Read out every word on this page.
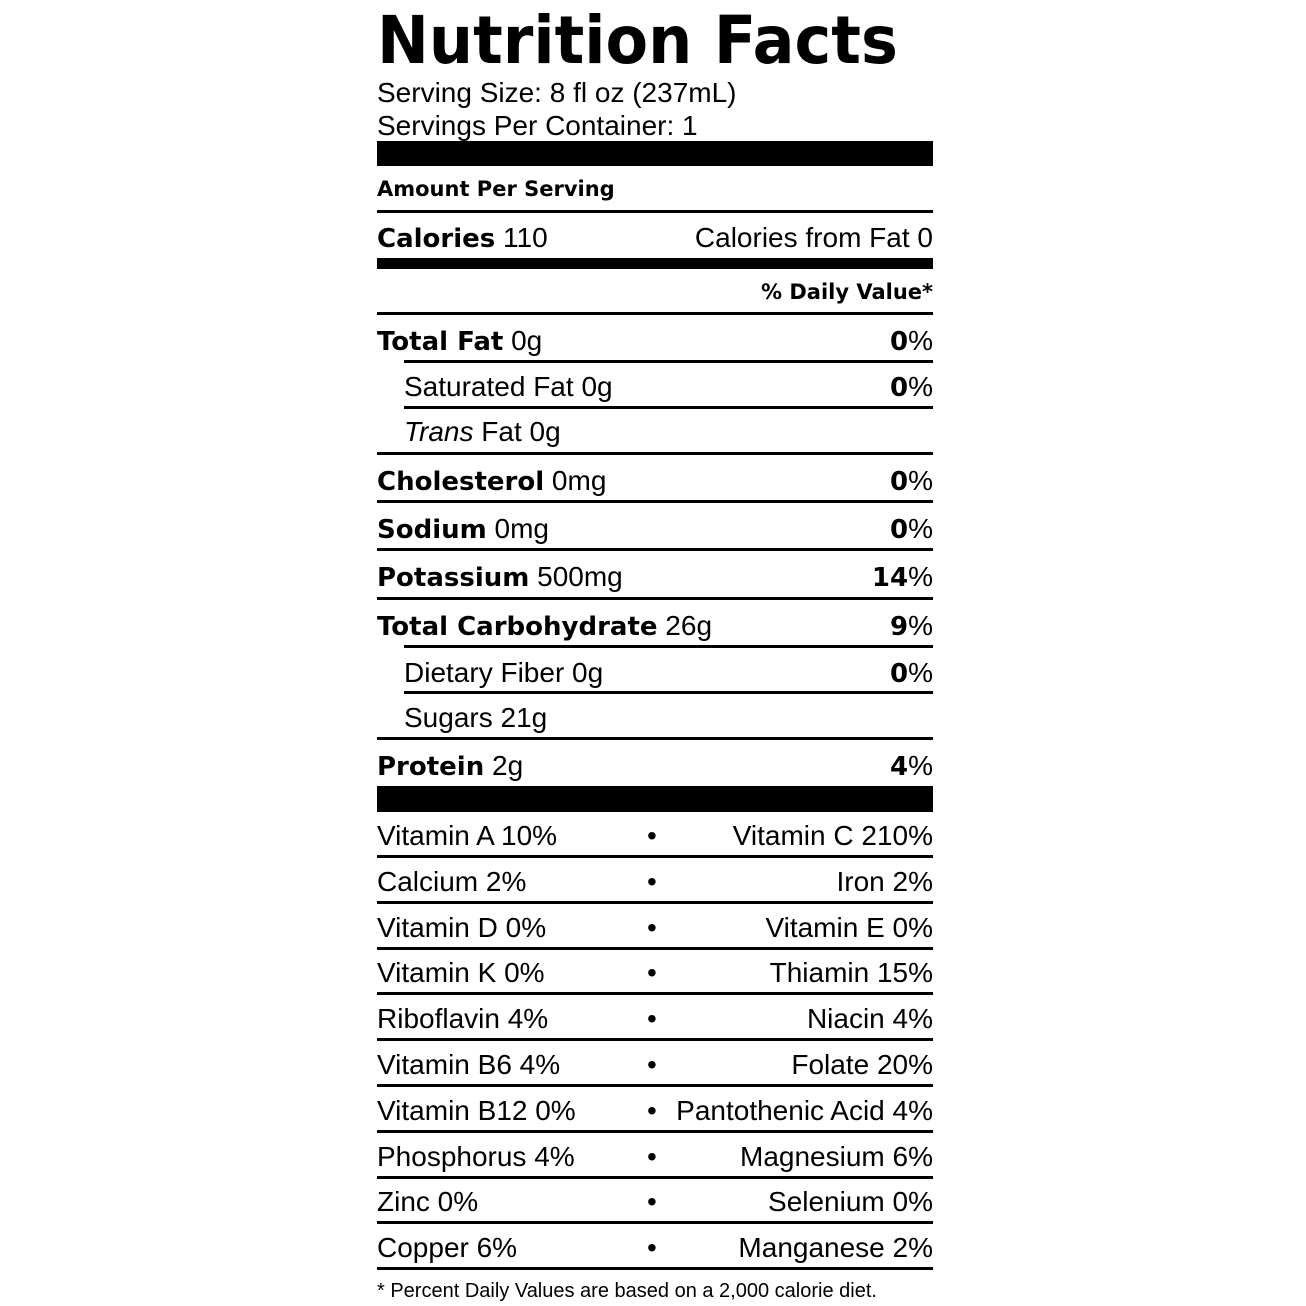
Nutrition Facts
Serving Size: 8 fl oz (237mL)
Servings Per Container: 1
Amount Per Serving
Calories 110	Calories from Fat 0
% Daily Value*
Total Fat 0g	0%
Saturated Fat 0g	0%
Trans Fat 0g
Cholesterol 0mg	0%
Sodium 0mg	0%
Potassium 500mg	14%
Total Carbohydrate 26g	9%
Dietary Fiber 0g	0%
Sugars 21g
Protein 2g	4%
Vitamin A 10%	•	Vitamin C 210%
Calcium 2%	•	Iron 2%
Vitamin D 0%	•	Vitamin E 0%
Vitamin K 0%	•	Thiamin 15%
Riboflavin 4%	•	Niacin 4%
Vitamin B6 4%	•	Folate 20%
Vitamin B12 0%	• Pantothenic Acid 4%
Phosphorus 4%	•	Magnesium 6%
Zinc 0%	•	Selenium 0%
Copper 6%	•	Manganese 2%
* Percent Daily Values are based on a 2,000 calorie diet.
